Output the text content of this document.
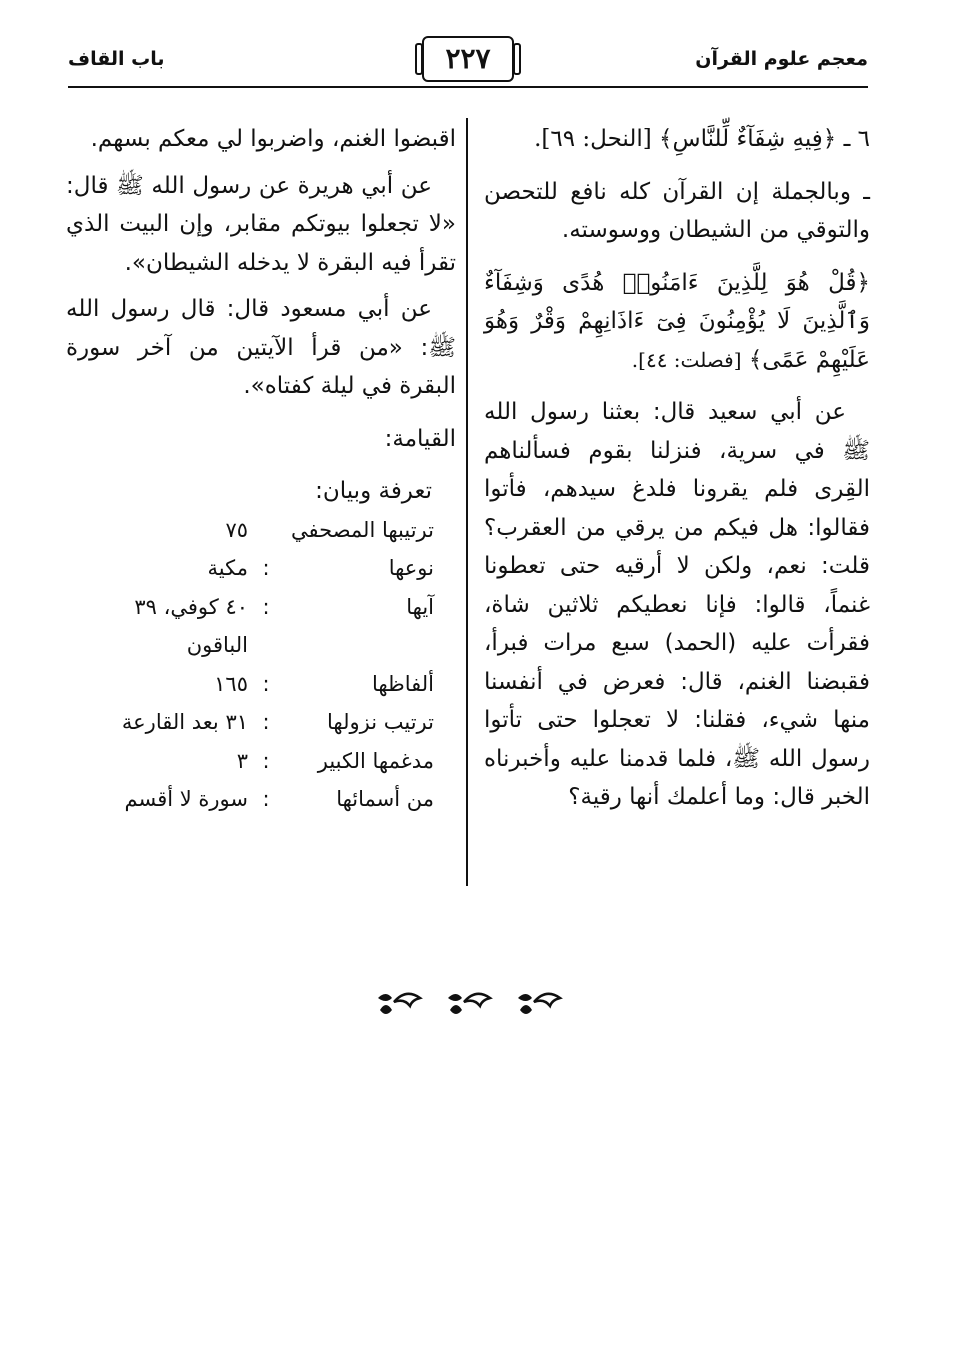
معجم علوم القرآن
٢٢٧
باب القاف

٦ ـ ﴿فِيهِ شِفَآءٌ لِّلنَّاسِ﴾ [النحل: ٦٩].

ـ وبالجملة إن القرآن كله نافع للتحصن والتوقي من الشيطان ووسوسته.

﴿قُلْ هُوَ لِلَّذِينَ ءَامَنُوا۟ هُدًى وَشِفَآءٌ وَٱلَّذِينَ لَا يُؤْمِنُونَ فِىٓ ءَاذَانِهِمْ وَقْرٌ وَهُوَ عَلَيْهِمْ عَمًى﴾ [فصلت: ٤٤].

عن أبي سعيد قال: بعثنا رسول الله ﷺ في سرية، فنزلنا بقوم فسألناهم القِرى فلم يقرونا فلدغ سيدهم، فأتوا فقالوا: هل فيكم من يرقي من العقرب؟ قلت: نعم، ولكن لا أرقيه حتى تعطونا غنماً، قالوا: فإنا نعطيكم ثلاثين شاة، فقرأت عليه (الحمد) سبع مرات فبرأ، فقبضنا الغنم، قال: فعرض في أنفسنا منها شيء، فقلنا: لا تعجلوا حتى تأتوا رسول الله ﷺ، فلما قدمنا عليه وأخبرناه الخبر قال: وما أعلمك أنها رقية؟

اقبضوا الغنم، واضربوا لي معكم بسهم.

عن أبي هريرة عن رسول الله ﷺ قال: «لا تجعلوا بيوتكم مقابر، وإن البيت الذي تقرأ فيه البقرة لا يدخله الشيطان».

عن أبي مسعود قال: قال رسول الله ﷺ: «من قرأ الآيتين من آخر سورة البقرة في ليلة كفتاه».

القيامة:

تعرفة وبيان:

ترتيبها المصحفي		٧٥
نوعها	:	مكية
آيها	:	٤٠ كوفي، ٣٩
		الباقون
ألفاظها	:	١٦٥
ترتيب نزولها	:	٣١ بعد القارعة
مدغمها الكبير	:	٣
من أسمائها	:	سورة لا أقسم
